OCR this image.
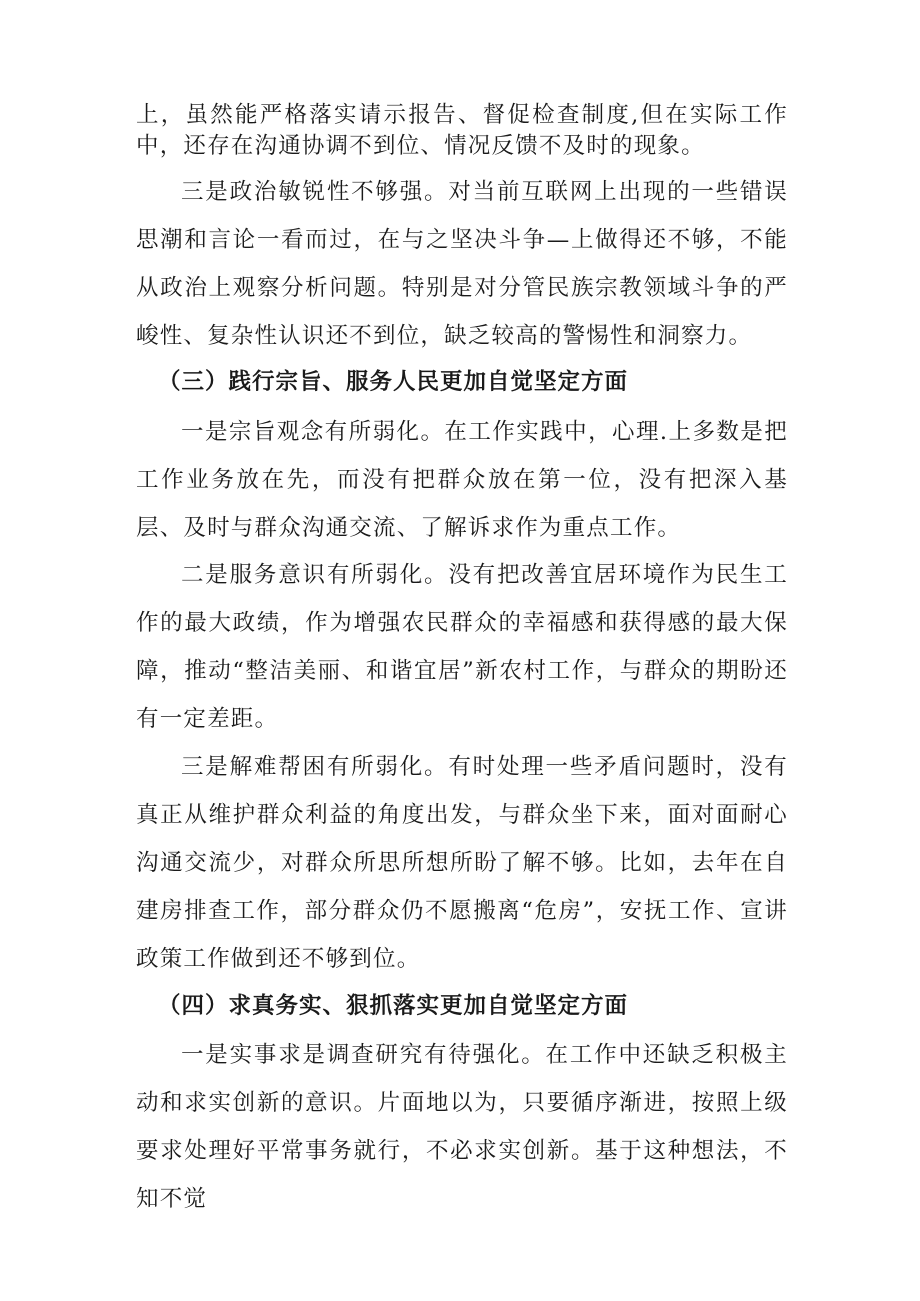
上，虽然能严格落实请示报告、督促检查制度,但在实际工作中，还存在沟通协调不到位、情况反馈不及时的现象。

三是政治敏锐性不够强。对当前互联网上出现的一些错误思潮和言论一看而过，在与之坚决斗争—上做得还不够，不能从政治上观察分析问题。特别是对分管民族宗教领域斗争的严峻性、复杂性认识还不到位，缺乏较高的警惕性和洞察力。

（三）践行宗旨、服务人民更加自觉坚定方面

一是宗旨观念有所弱化。在工作实践中，心理.上多数是把工作业务放在先，而没有把群众放在第一位，没有把深入基层、及时与群众沟通交流、了解诉求作为重点工作。

二是服务意识有所弱化。没有把改善宜居环境作为民生工作的最大政绩，作为增强农民群众的幸福感和获得感的最大保障，推动“整洁美丽、和谐宜居”新农村工作，与群众的期盼还有一定差距。

三是解难帮困有所弱化。有时处理一些矛盾问题时，没有真正从维护群众利益的角度出发，与群众坐下来，面对面耐心沟通交流少，对群众所思所想所盼了解不够。比如，去年在自建房排查工作，部分群众仍不愿搬离“危房”，安抚工作、宣讲政策工作做到还不够到位。

（四）求真务实、狠抓落实更加自觉坚定方面

一是实事求是调查研究有待强化。在工作中还缺乏积极主动和求实创新的意识。片面地以为，只要循序渐进，按照上级要求处理好平常事务就行，不必求实创新。基于这种想法，不知不觉
